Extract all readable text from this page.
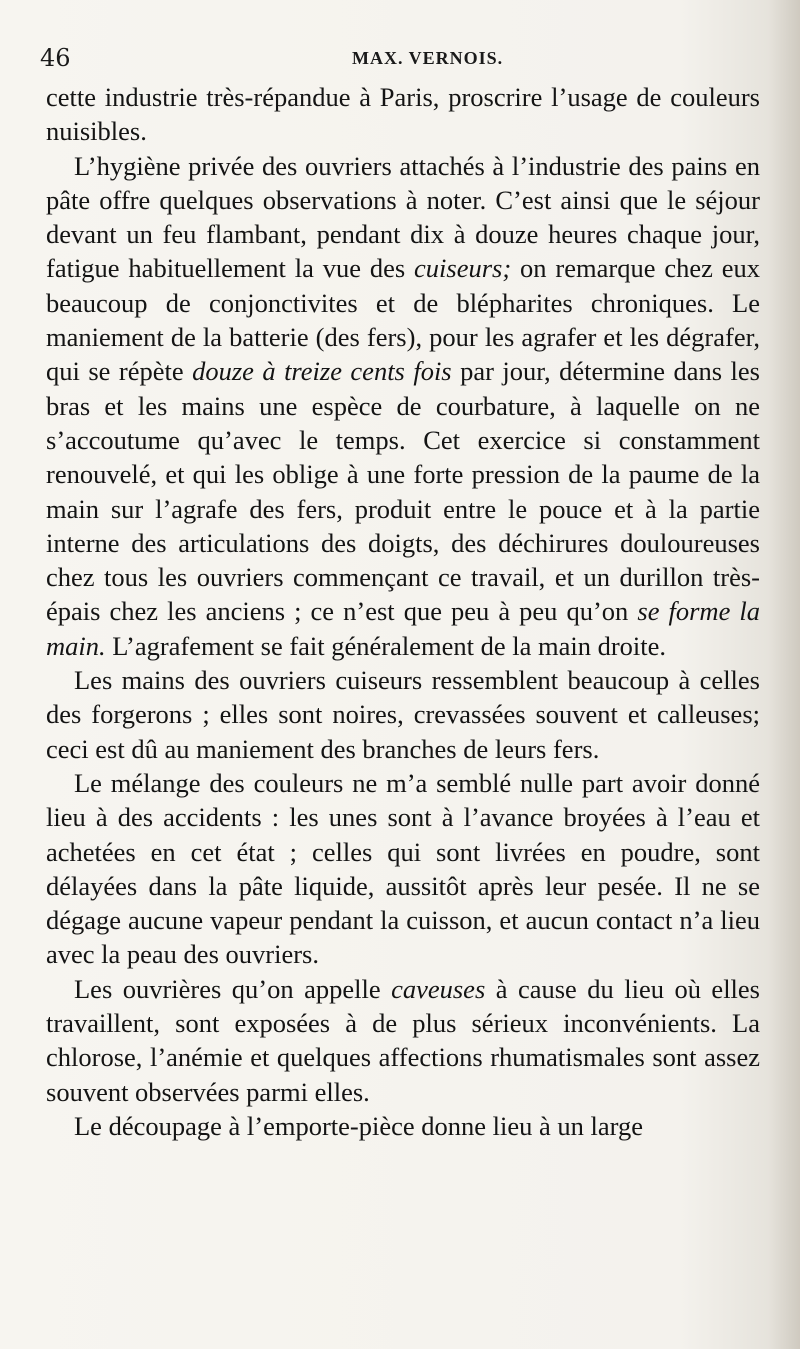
46	MAX. VERNOIS.

cette industrie très-répandue à Paris, proscrire l’usage de couleurs nuisibles.

L’hygiène privée des ouvriers attachés à l’industrie des pains en pâte offre quelques observations à noter. C’est ainsi que le séjour devant un feu flambant, pendant dix à douze heures chaque jour, fatigue habituellement la vue des cuiseurs; on remarque chez eux beaucoup de conjonctivites et de blépharites chroniques. Le maniement de la batterie (des fers), pour les agrafer et les dégrafer, qui se répète douze à treize cents fois par jour, détermine dans les bras et les mains une espèce de courbature, à laquelle on ne s’accoutume qu’avec le temps. Cet exercice si constamment renouvelé, et qui les oblige à une forte pression de la paume de la main sur l’agrafe des fers, produit entre le pouce et à la partie interne des articulations des doigts, des déchirures douloureuses chez tous les ouvriers commençant ce travail, et un durillon très-épais chez les anciens ; ce n’est que peu à peu qu’on se forme la main. L’agrafement se fait généralement de la main droite.

Les mains des ouvriers cuiseurs ressemblent beaucoup à celles des forgerons ; elles sont noires, crevassées souvent et calleuses; ceci est dû au maniement des branches de leurs fers.

Le mélange des couleurs ne m’a semblé nulle part avoir donné lieu à des accidents : les unes sont à l’avance broyées à l’eau et achetées en cet état ; celles qui sont livrées en poudre, sont délayées dans la pâte liquide, aussitôt après leur pesée. Il ne se dégage aucune vapeur pendant la cuisson, et aucun contact n’a lieu avec la peau des ouvriers.

Les ouvrières qu’on appelle caveuses à cause du lieu où elles travaillent, sont exposées à de plus sérieux inconvénients. La chlorose, l’anémie et quelques affections rhumatismales sont assez souvent observées parmi elles.

Le découpage à l’emporte-pièce donne lieu à un large
